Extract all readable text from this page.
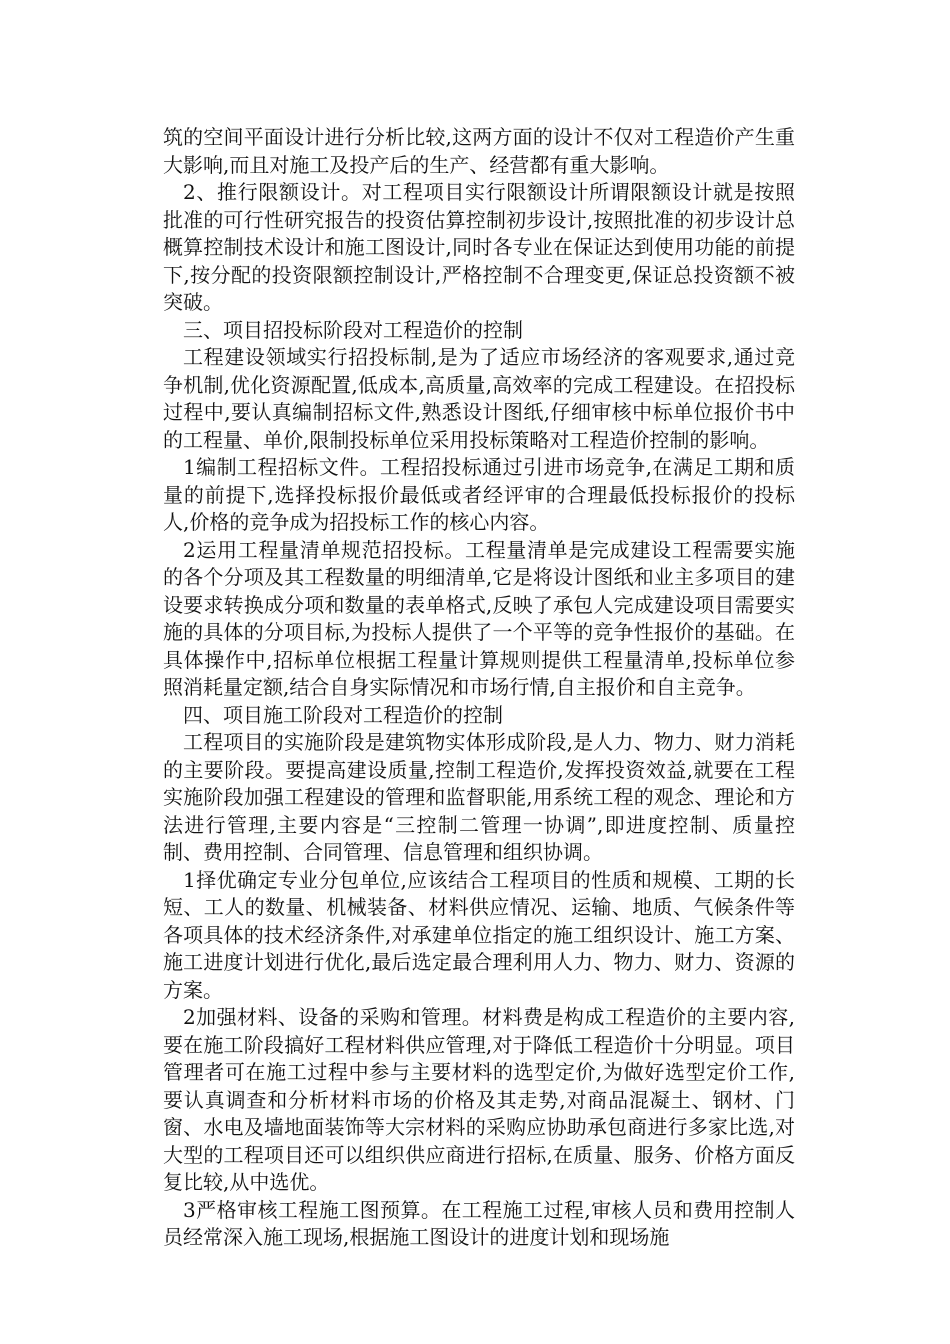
筑的空间平面设计进行分析比较,这两方面的设计不仅对工程造价产生重大影响,而且对施工及投产后的生产、经营都有重大影响。

2、推行限额设计。对工程项目实行限额设计所谓限额设计就是按照批准的可行性研究报告的投资估算控制初步设计,按照批准的初步设计总概算控制技术设计和施工图设计,同时各专业在保证达到使用功能的前提下,按分配的投资限额控制设计,严格控制不合理变更,保证总投资额不被突破。

三、项目招投标阶段对工程造价的控制

工程建设领域实行招投标制,是为了适应市场经济的客观要求,通过竞争机制,优化资源配置,低成本,高质量,高效率的完成工程建设。在招投标过程中,要认真编制招标文件,熟悉设计图纸,仔细审核中标单位报价书中的工程量、单价,限制投标单位采用投标策略对工程造价控制的影响。

1编制工程招标文件。工程招投标通过引进市场竞争,在满足工期和质量的前提下,选择投标报价最低或者经评审的合理最低投标报价的投标人,价格的竞争成为招投标工作的核心内容。

2运用工程量清单规范招投标。工程量清单是完成建设工程需要实施的各个分项及其工程数量的明细清单,它是将设计图纸和业主多项目的建设要求转换成分项和数量的表单格式,反映了承包人完成建设项目需要实施的具体的分项目标,为投标人提供了一个平等的竞争性报价的基础。在具体操作中,招标单位根据工程量计算规则提供工程量清单,投标单位参照消耗量定额,结合自身实际情况和市场行情,自主报价和自主竞争。

四、项目施工阶段对工程造价的控制

工程项目的实施阶段是建筑物实体形成阶段,是人力、物力、财力消耗的主要阶段。要提高建设质量,控制工程造价,发挥投资效益,就要在工程实施阶段加强工程建设的管理和监督职能,用系统工程的观念、理论和方法进行管理,主要内容是“三控制二管理一协调”,即进度控制、质量控制、费用控制、合同管理、信息管理和组织协调。

1择优确定专业分包单位,应该结合工程项目的性质和规模、工期的长短、工人的数量、机械装备、材料供应情况、运输、地质、气候条件等各项具体的技术经济条件,对承建单位指定的施工组织设计、施工方案、施工进度计划进行优化,最后选定最合理利用人力、物力、财力、资源的方案。

2加强材料、设备的采购和管理。材料费是构成工程造价的主要内容,要在施工阶段搞好工程材料供应管理,对于降低工程造价十分明显。项目管理者可在施工过程中参与主要材料的选型定价,为做好选型定价工作,要认真调查和分析材料市场的价格及其走势,对商品混凝土、钢材、门窗、水电及墙地面装饰等大宗材料的采购应协助承包商进行多家比选,对大型的工程项目还可以组织供应商进行招标,在质量、服务、价格方面反复比较,从中选优。

3严格审核工程施工图预算。在工程施工过程,审核人员和费用控制人员经常深入施工现场,根据施工图设计的进度计划和现场施
